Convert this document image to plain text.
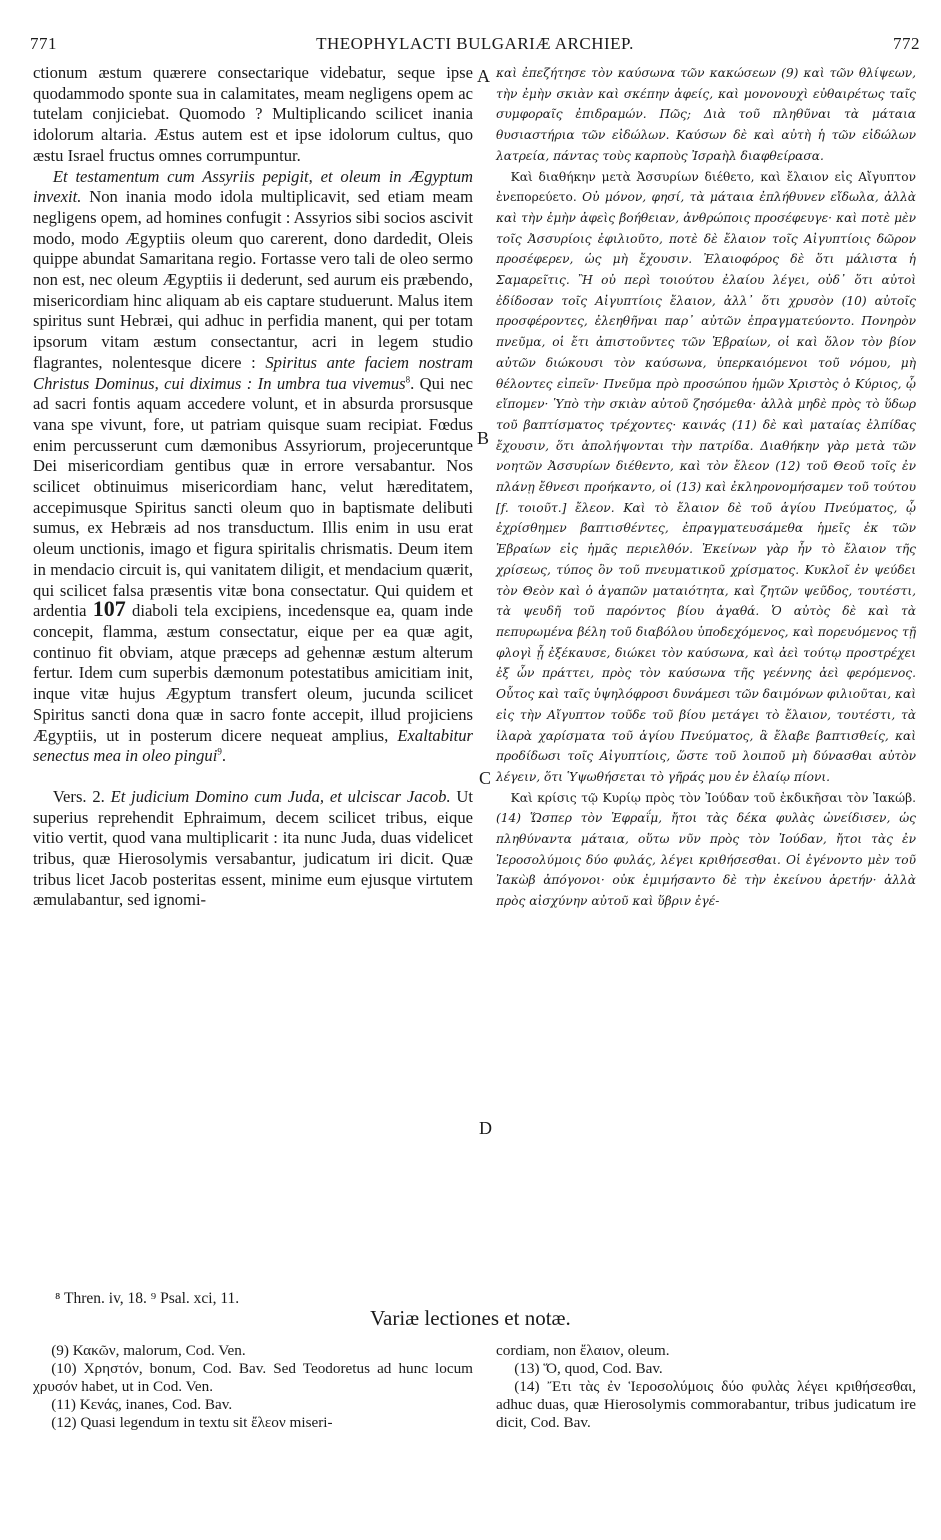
771	THEOPHYLACTI BULGARIÆ ARCHIEP.	772
A
B
C
D

ctionum æstum quærere consectarique videbatur, seque ipse quodammodo sponte sua in calamitates, meam negligens opem ac tutelam conjiciebat. Quomodo ? Multiplicando scilicet inania idolorum altaria. Æstus autem est et ipse idolorum cultus, quo æstu Israel fructus omnes corrumpuntur.

Et testamentum cum Assyriis pepigit, et oleum in Ægyptum invexit. Non inania modo idola multiplicavit, sed etiam meam negligens opem, ad homines confugit : Assyrios sibi socios ascivit modo, modo Ægyptiis oleum quo carerent, dono dardedit, Oleis quippe abundat Samaritana regio. Fortasse vero tali de oleo sermo non est, nec oleum Ægyptiis ii dederunt, sed aurum eis præbendo, misericordiam hinc aliquam ab eis captare studuerunt. Malus item spiritus sunt Hebræi, qui adhuc in perfidia manent, qui per totam ipsorum vitam æstum consectantur, acri in legem studio flagrantes, nolentesque dicere : Spiritus ante faciem nostram Christus Dominus, cui diximus : In umbra tua vivemus$^8$. Qui nec ad sacri fontis aquam accedere volunt, et in absurda prorsusque vana spe vivunt, fore, ut patriam quisque suam recipiat. Fœdus enim percusserunt cum dæmonibus Assyriorum, projeceruntque Dei misericordiam gentibus quæ in errore versabantur. Nos scilicet obtinuimus misericordiam hanc, velut hæreditatem, accepimusque Spiritus sancti oleum quo in baptismate delibuti sumus, ex Hebræis ad nos transductum. Illis enim in usu erat oleum unctionis, imago et figura spiritalis chrismatis. Deum item in mendacio circuit is, qui vanitatem diligit, et mendacium quærit, qui scilicet falsa præsentis vitæ bona consectatur. Qui quidem et ardentia 107 diaboli tela excipiens, incedensque ea, quam inde concepit, flamma, æstum consectatur, eique per ea quæ agit, continuo fit obviam, atque præceps ad gehennæ æstum alterum fertur. Idem cum superbis dæmonum potestatibus amicitiam init, inque vitæ hujus Ægyptum transfert oleum, jucunda scilicet Spiritus sancti dona quæ in sacro fonte accepit, illud projiciens Ægyptiis, ut in posterum dicere nequeat amplius, Exaltabitur senectus mea in oleo pingui$^9$.

Vers. 2. Et judicium Domino cum Juda, et ulciscar Jacob. Ut superius reprehendit Ephraimum, decem scilicet tribus, eique vitio vertit, quod vana multiplicarit : ita nunc Juda, duas videlicet tribus, quæ Hierosolymis versabantur, judicatum iri dicit. Quæ tribus licet Jacob posteritas essent, minime eum ejusque virtutem æmulabantur, sed ignomi-

καὶ ἐπεζήτησε τὸν καύσωνα τῶν κακώσεων (9) καὶ τῶν θλίψεων, τὴν ἐμὴν σκιὰν καὶ σκέπην ἀφείς, καὶ μονονουχὶ εὐθαιρέτως ταῖς συμφοραῖς ἐπιδραμών. Πῶς; Διὰ τοῦ πληθῦναι τὰ μάταια θυσιαστήρια τῶν εἰδώλων. Καύσων δὲ καὶ αὐτὴ ἡ τῶν εἰδώλων λατρεία, πάντας τοὺς καρποὺς Ἰσραὴλ διαφθείρασα.

Καὶ διαθήκην μετὰ Ἀσσυρίων διέθετο, καὶ ἔλαιον εἰς Αἴγυπτον ἐνεπορεύετο. Οὐ μόνον, φησί, τὰ μάταια ἐπλήθυνεν εἴδωλα, ἀλλὰ καὶ τὴν ἐμὴν ἀφεὶς βοήθειαν, ἀνθρώποις προσέφευγε· καὶ ποτὲ μὲν τοῖς Ἀσσυρίοις ἐφιλιοῦτο, ποτὲ δὲ ἔλαιον τοῖς Αἰγυπτίοις δῶρον προσέφερεν, ὡς μὴ ἔχουσιν. Ἐλαιοφόρος δὲ ὅτι μάλιστα ἡ Σαμαρεῖτις. Ἢ οὐ περὶ τοιούτου ἐλαίου λέγει, οὐδ᾽ ὅτι αὐτοὶ ἐδίδοσαν τοῖς Αἰγυπτίοις ἔλαιον, ἀλλ᾽ ὅτι χρυσὸν (10) αὐτοῖς προσφέροντες, ἐλεηθῆναι παρ᾽ αὐτῶν ἐπραγματεύοντο. Πονηρὸν πνεῦμα, οἱ ἔτι ἀπιστοῦντες τῶν Ἑβραίων, οἱ καὶ ὅλον τὸν βίον αὐτῶν διώκουσι τὸν καύσωνα, ὑπερκαιόμενοι τοῦ νόμου, μὴ θέλοντες εἰπεῖν· Πνεῦμα πρὸ προσώπου ἡμῶν Χριστὸς ὁ Κύριος, ᾧ εἴπομεν· Ὑπὸ τὴν σκιὰν αὐτοῦ ζησόμεθα· ἀλλὰ μηδὲ πρὸς τὸ ὕδωρ τοῦ βαπτίσματος τρέχοντες· καινάς (11) δὲ καὶ ματαίας ἐλπίδας ἔχουσιν, ὅτι ἀπολήψονται τὴν πατρίδα. Διαθήκην γὰρ μετὰ τῶν νοητῶν Ἀσσυρίων διέθεντο, καὶ τὸν ἔλεον (12) τοῦ Θεοῦ τοῖς ἐν πλάνῃ ἔθνεσι προήκαντο, οἱ (13) καὶ ἐκληρονομήσαμεν τοῦ τούτου [f. τοιοῦτ.] ἔλεον. Καὶ τὸ ἔλαιον δὲ τοῦ ἁγίου Πνεύματος, ᾧ ἐχρίσθημεν βαπτισθέντες, ἐπραγματευσάμεθα ἡμεῖς ἐκ τῶν Ἑβραίων εἰς ἡμᾶς περιελθόν. Ἐκείνων γὰρ ἦν τὸ ἔλαιον τῆς χρίσεως, τύπος ὂν τοῦ πνευματικοῦ χρίσματος. Κυκλοῖ ἐν ψεύδει τὸν Θεὸν καὶ ὁ ἀγαπῶν ματαιότητα, καὶ ζητῶν ψεῦδος, τουτέστι, τὰ ψευδῆ τοῦ παρόντος βίου ἀγαθά. Ὁ αὐτὸς δὲ καὶ τὰ πεπυρωμένα βέλη τοῦ διαβόλου ὑποδεχόμενος, καὶ πορευόμενος τῇ φλογὶ ᾗ ἐξέκαυσε, διώκει τὸν καύσωνα, καὶ ἀεὶ τούτῳ προστρέχει ἐξ ὧν πράττει, πρὸς τὸν καύσωνα τῆς γεέννης ἀεὶ φερόμενος. Οὗτος καὶ ταῖς ὑψηλόφροσι δυνάμεσι τῶν δαιμόνων φιλιοῦται, καὶ εἰς τὴν Αἴγυπτον τοῦδε τοῦ βίου μετάγει τὸ ἔλαιον, τουτέστι, τὰ ἱλαρὰ χαρίσματα τοῦ ἁγίου Πνεύματος, ἃ ἔλαβε βαπτισθείς, καὶ προδίδωσι τοῖς Αἰγυπτίοις, ὥστε τοῦ λοιποῦ μὴ δύνασθαι αὐτὸν λέγειν, ὅτι Ὑψωθήσεται τὸ γῆράς μου ἐν ἐλαίῳ πίονι.

Καὶ κρίσις τῷ Κυρίῳ πρὸς τὸν Ἰούδαν τοῦ ἐκδικῆσαι τὸν Ἰακώβ. (14) Ὥσπερ τὸν Ἐφραΐμ, ἤτοι τὰς δέκα φυλὰς ὠνείδισεν, ὡς πληθύναντα μάταια, οὕτω νῦν πρὸς τὸν Ἰούδαν, ἤτοι τὰς ἐν Ἱεροσολύμοις δύο φυλάς, λέγει κριθήσεσθαι. Οἱ ἐγένοντο μὲν τοῦ Ἰακὼβ ἀπόγονοι· οὐκ ἐμιμήσαντο δὲ τὴν ἐκείνου ἀρετήν· ἀλλὰ πρὸς αἰσχύνην αὐτοῦ καὶ ὕβριν ἐγέ-

⁸ Thren. iv, 18. ⁹ Psal. xci, 11.
Variæ lectiones et notæ.

(9) Κακῶν, malorum, Cod. Ven.

(10) Χρηστόν, bonum, Cod. Bav. Sed Teodoretus ad hunc locum χρυσόν habet, ut in Cod. Ven.

(11) Κενάς, inanes, Cod. Bav.

(12) Quasi legendum in textu sit ἔλεον miseri-

cordiam, non ἔλαιον, oleum.

(13) Ὅ, quod, Cod. Bav.

(14) Ἔτι τὰς ἐν Ἱεροσολύμοις δύο φυλὰς λέγει κριθήσεσθαι, adhuc duas, quæ Hierosolymis commorabantur, tribus judicatum ire dicit, Cod. Bav.
